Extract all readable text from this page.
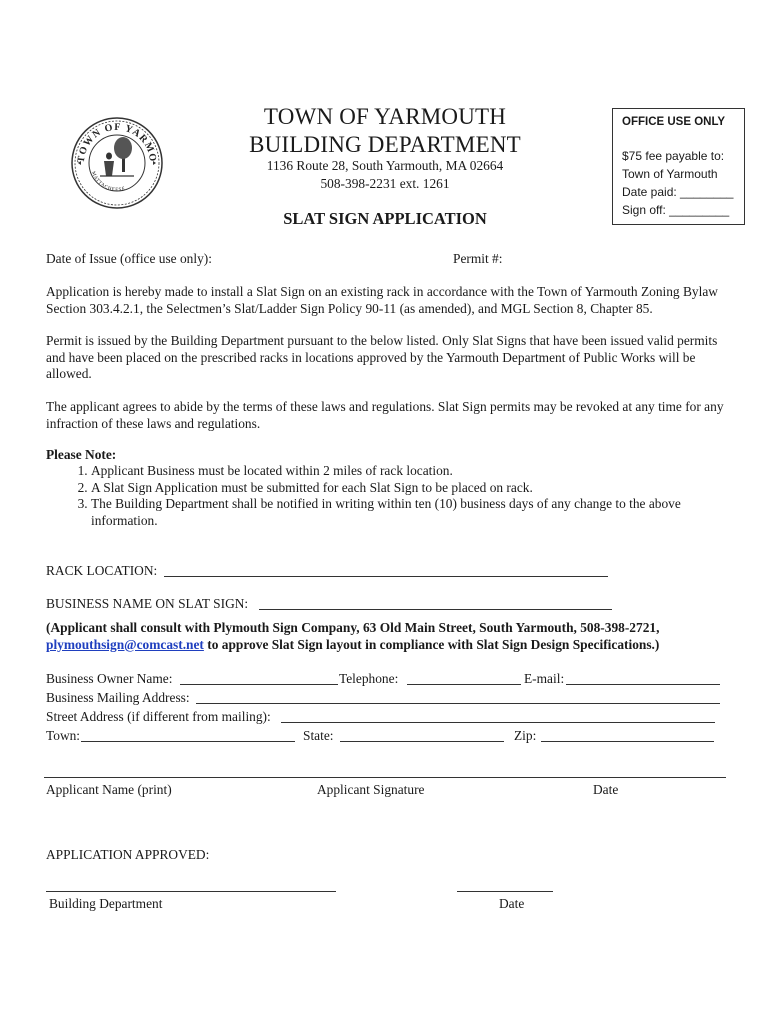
TOWN OF YARMO
MATTACHEESE
TOWN OF YARMOUTH
BUILDING DEPARTMENT
1136 Route 28, South Yarmouth, MA 02664
508-398-2231 ext. 1261
SLAT SIGN APPLICATION
OFFICE USE ONLY
$75 fee payable to:
Town of Yarmouth
Date paid: ________
Sign off: _________
Date of Issue (office use only):	Permit #:
Application is hereby made to install a Slat Sign on an existing rack in accordance with the Town of Yarmouth Zoning Bylaw Section 303.4.2.1, the Selectmen’s Slat/Ladder Sign Policy 90-11 (as amended), and MGL Section 8, Chapter 85.
Permit is issued by the Building Department pursuant to the below listed. Only Slat Signs that have been issued valid permits and have been placed on the prescribed racks in locations approved by the Yarmouth Department of Public Works will be allowed.
The applicant agrees to abide by the terms of these laws and regulations. Slat Sign permits may be revoked at any time for any infraction of these laws and regulations.
Please Note:
1. Applicant Business must be located within 2 miles of rack location.
2. A Slat Sign Application must be submitted for each Slat Sign to be placed on rack.
3. The Building Department shall be notified in writing within ten (10) business days of any change to the above information.
RACK LOCATION:
BUSINESS NAME ON SLAT SIGN:
(Applicant shall consult with Plymouth Sign Company, 63 Old Main Street, South Yarmouth, 508-398-2721,
plymouthsign@comcast.net to approve Slat Sign layout in compliance with Slat Sign Design Specifications.)
Business Owner Name:	Telephone:	E-mail:
Business Mailing Address:
Street Address (if different from mailing):
Town:	State:	Zip:
Applicant Name (print)	Applicant Signature	Date
APPLICATION APPROVED:
Building Department	Date
